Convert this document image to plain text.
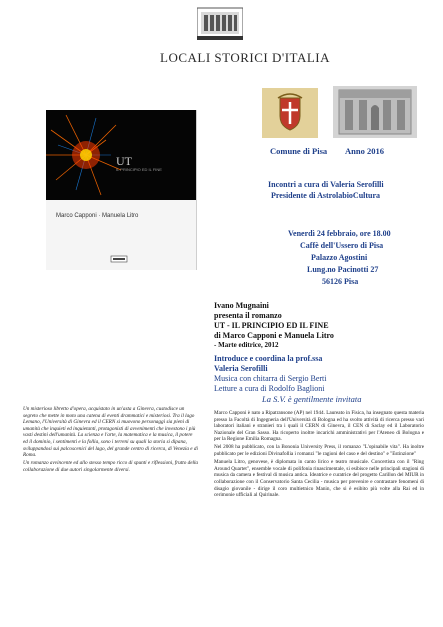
LOCALI STORICI D'ITALIA
UT
IL PRINCIPIO ED IL FINE
Marco Capponi · Manuela Litro
Comune di Pisa Anno 2016
Incontri a cura di Valeria Serofilli
Presidente di AstrolabioCultura
Venerdì 24 febbraio, ore 18.00
Caffè dell'Ussero di Pisa
Palazzo Agostini
Lung.no Pacinotti 27
56126 Pisa
Ivano Mugnaini
presenta il romanzo
UT - IL PRINCIPIO ED IL FINE
di Marco Capponi e Manuela Litro
- Marte editrice, 2012
Introduce e coordina la prof.ssa
Valeria Serofilli
Musica con chitarra di Sergio Berti
Letture a cura di Rodolfo Baglioni
La S.V. è gentilmente invitata

Un misterioso libretto d'opera, acquistato in un'asta a Ginevra, custodisce un segreto che mette in moto una catena di eventi drammatici e misteriosi. Tra il lago Lemano, l'Università di Ginevra ed il CERN si muovono personaggi sia pieni di umanità che inquieti ed inquietanti, protagonisti di avvenimenti che investono i più vasti destini dell'umanità. La scienza e l'arte, la matematica e la musica, il potere ed il dominio, i sentimenti e la follia, sono i terreni su quali la storia si dipana, sviluppandosi sui palcoscenici del lago, del grande centro di ricerca, di Venezia e di Roma.

Un romanzo avvincente ed allo stesso tempo ricco di spunti e riflessioni, frutto della collaborazione di due autori singolarmente diversi.

Marco Capponi è nato a Ripatransone (AP) nel 1944. Laureato in Fisica, ha insegnato questa materia presso la Facoltà di Ingegneria dell'Università di Bologna ed ha svolto attività di ricerca presso vari laboratori italiani e stranieri tra i quali il CERN di Ginevra, il CEN di Saclay ed il Laboratorio Nazionale del Gran Sasso. Ha ricoperto inoltre incarichi amministrativi per l'Ateneo di Bologna e per la Regione Emilia Romagna.

Nel 2008 ha pubblicato, con la Bononia University Press, il romanzo "L'opinabile vita". Ha inoltre pubblicato per le edizioni Divinafollia i romanzi "le ragioni del caso e del destino" e "Estinzione"

Manuela Litro, genovese, è diplomata in canto lirico e teatro musicale. Concertista con il "Ring Around Quartet", ensemble vocale di polifonia rinascimentale, si esibisce nelle principali stagioni di musica da camera e festival di musica antica. Ideatrice e curatrice del progetto Carillon del MIUR in collaborazione con il Conservatorio Santa Cecilia - musica per prevenire e contrastare fenomeni di disagio giovanile - dirige il coro multietnico Manin, che si è esibito più volte alla Rai ed in cerimonie ufficiali al Quirinale.
